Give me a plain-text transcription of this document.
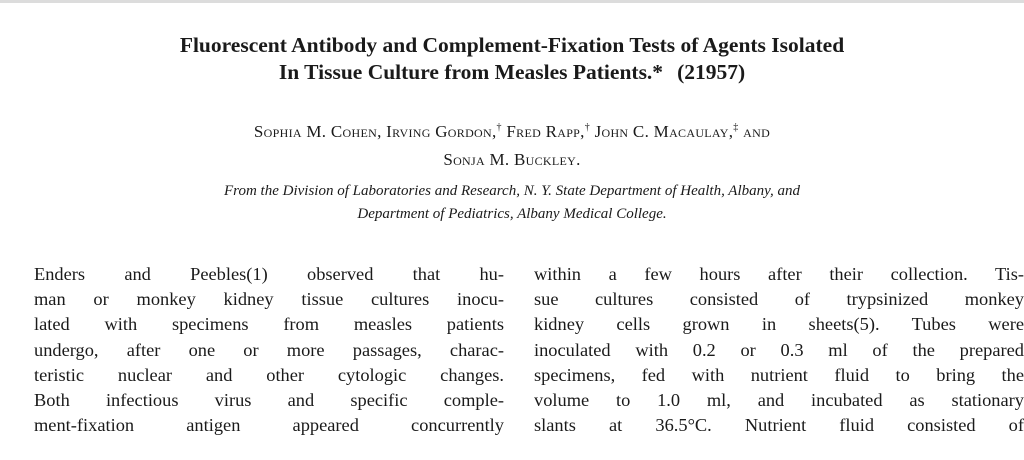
Fluorescent Antibody and Complement-Fixation Tests of Agents Isolated
In Tissue Culture from Measles Patients.* (21957)
Sophia M. Cohen, Irving Gordon,† Fred Rapp,† John C. Macaulay,‡ and
Sonja M. Buckley.
From the Division of Laboratories and Research, N. Y. State Department of Health, Albany, and
Department of Pediatrics, Albany Medical College.
Enders and Peebles(1) observed that hu-
man or monkey kidney tissue cultures inocu-
lated with specimens from measles patients
undergo, after one or more passages, charac-
teristic nuclear and other cytologic changes.
Both infectious virus and specific comple-
ment-fixation antigen appeared concurrently
within a few hours after their collection. Tis-
sue cultures consisted of trypsinized monkey
kidney cells grown in sheets(5). Tubes were
inoculated with 0.2 or 0.3 ml of the prepared
specimens, fed with nutrient fluid to bring the
volume to 1.0 ml, and incubated as stationary
slants at 36.5°C. Nutrient fluid consisted of
